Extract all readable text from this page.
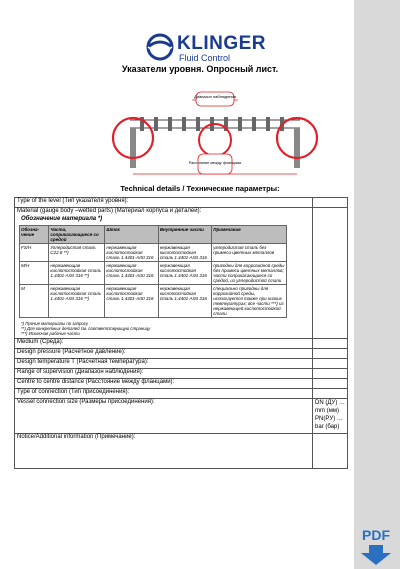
KLINGER
Fluid Control
Указатели уровня. Опросный лист.
Диапазон наблюдения
Расстояние между фланцами
Technical details / Технические параметры:
Type of the level (Тип указателя уровня):	

Material (gauge body –wetted parts) (Материал корпуса и деталей):
Обозначение материала *)
Обозна-чение	Части, соприкасающиеся со средой	Шток	Внутренние части	Примечание
FS/H	Углеродистая сталь C22.8 **)	нержавеющая кислотостойкая сталь 1.4401-AISI 316	нержавеющая кислотостойкая сталь 1.4401-AISI 316	углеродистая сталь без примеси цветных металлов
M/H	нержавеющая кислотостойкая сталь 1.4401-AISI 316 **)	нержавеющая кислотостойкая сталь 1.4401-AISI 316	нержавеющая кислотостойкая сталь 1.4401-AISI 316	пригодны для коррозийной среды без примеси цветных металлов; части соприкасающиеся со средой, из углеродистой стали
M	нержавеющая кислотостойкая сталь 1.4401-AISI 316 **)	нержавеющая кислотостойкая сталь 1.4401-AISI 316	нержавеющая кислотостойкая сталь 1.4401-AISI 316	специально пригодны для коррозийной среды, используется также при низких температурах; все части ***) из нержавеющей кислотостойкой стали
*) Прочие материалы по запросу
**) Для конкретных деталей см. соответствующую страницу
***) Исключая рабочие части

Medium (Среда):	
Design pressure (Расчетное давление):	
Design temperature T (Расчетная температура):	
Range of supervision (Диапазон наблюдения):	
Centre to centre distance (Расстояние между фланцами):	
Type of connection (Тип присоединения):	
Vessel connection size (Размеры присоединения):	DN (ДУ) …
mm (мм)
PN(PУ) …
bar (бар)

Notice/Additional information (Примечание):	
PDF
